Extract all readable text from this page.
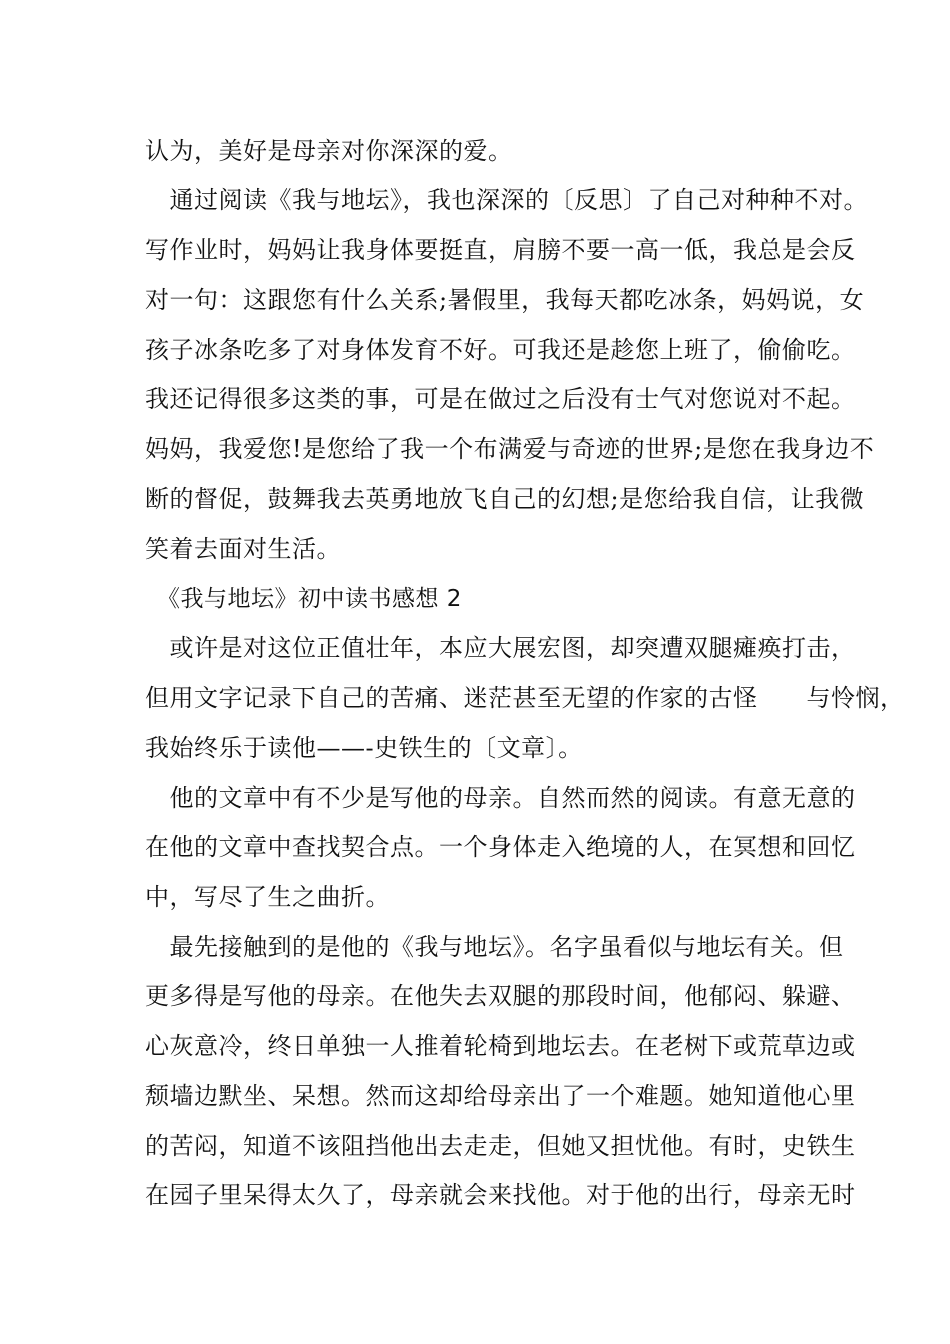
认为，美好是母亲对你深深的爱。
　通过阅读《我与地坛》，我也深深的〔反思〕了自己对种种不对。
写作业时，妈妈让我身体要挺直，肩膀不要一高一低，我总是会反
对一句：这跟您有什么关系;暑假里，我每天都吃冰条，妈妈说，女
孩子冰条吃多了对身体发育不好。可我还是趁您上班了，偷偷吃。
我还记得很多这类的事，可是在做过之后没有士气对您说对不起。
妈妈，我爱您!是您给了我一个布满爱与奇迹的世界;是您在我身边不
断的督促，鼓舞我去英勇地放飞自己的幻想;是您给我自信，让我微
笑着去面对生活。
　《我与地坛》初中读书感想 2
　或许是对这位正值壮年，本应大展宏图，却突遭双腿瘫痪打击，
但用文字记录下自己的苦痛、迷茫甚至无望的作家的古怪　　与怜悯，
我始终乐于读他——-史铁生的〔文章〕。
　他的文章中有不少是写他的母亲。自然而然的阅读。有意无意的
在他的文章中查找契合点。一个身体走入绝境的人，在冥想和回忆
中，写尽了生之曲折。
　最先接触到的是他的《我与地坛》。名字虽看似与地坛有关。但
更多得是写他的母亲。在他失去双腿的那段时间，他郁闷、躲避、
心灰意冷，终日单独一人推着轮椅到地坛去。在老树下或荒草边或
颓墙边默坐、呆想。然而这却给母亲出了一个难题。她知道他心里
的苦闷，知道不该阻挡他出去走走，但她又担忧他。有时，史铁生
在园子里呆得太久了，母亲就会来找他。对于他的出行，母亲无时
